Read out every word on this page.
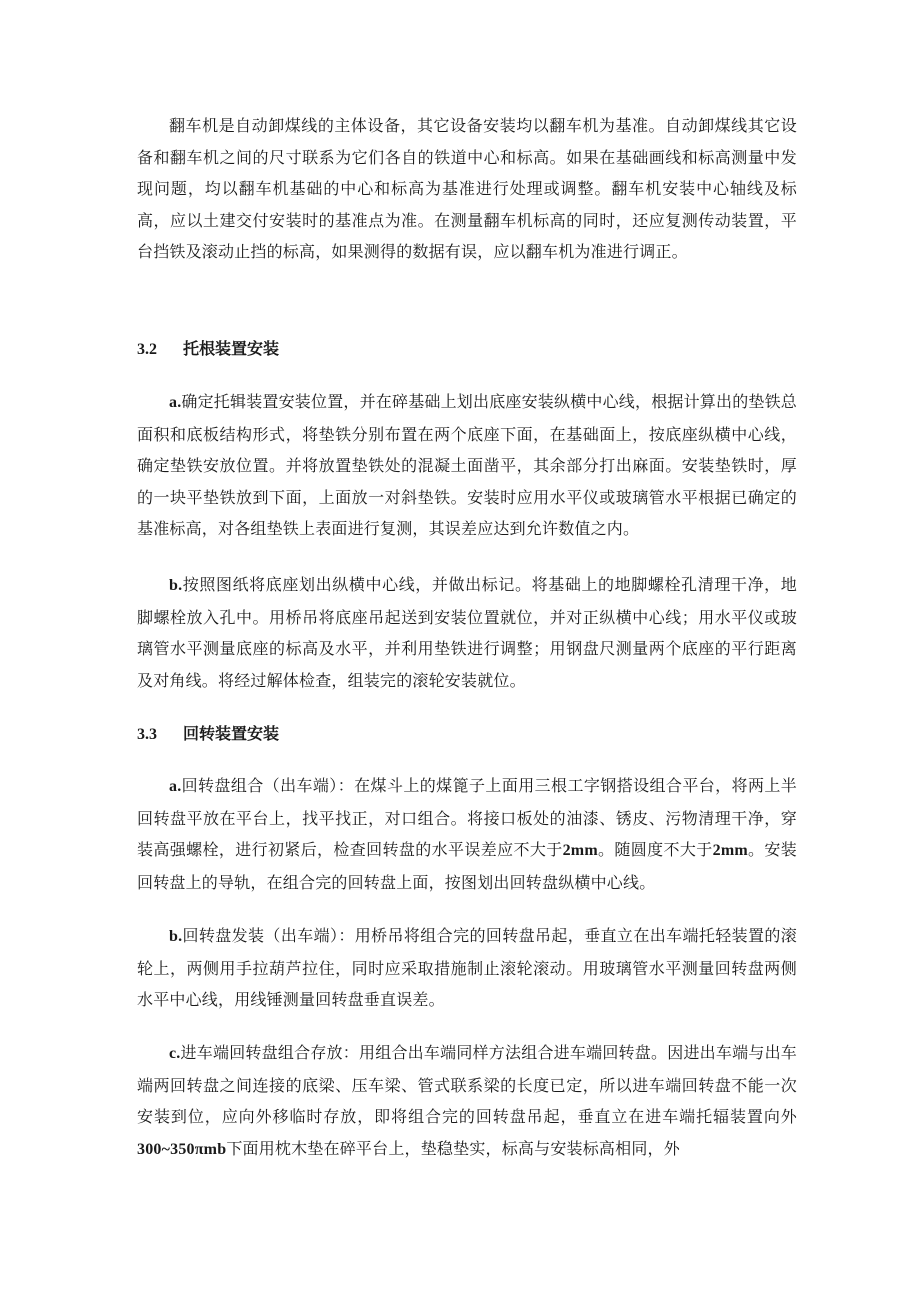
翻车机是自动卸煤线的主体设备，其它设备安装均以翻车机为基准。自动卸煤线其它设备和翻车机之间的尺寸联系为它们各自的铁道中心和标高。如果在基础画线和标高测量中发现问题，均以翻车机基础的中心和标高为基准进行处理或调整。翻车机安装中心轴线及标高，应以土建交付安装时的基准点为准。在测量翻车机标高的同时，还应复测传动装置，平台挡铁及滚动止挡的标高，如果测得的数据有误，应以翻车机为准进行调正。

3.2 托根装置安装

a.确定托辑装置安装位置，并在碎基础上划出底座安装纵横中心线，根据计算出的垫铁总面积和底板结构形式，将垫铁分别布置在两个底座下面，在基础面上，按底座纵横中心线，确定垫铁安放位置。并将放置垫铁处的混凝土面凿平，其余部分打出麻面。安装垫铁时，厚的一块平垫铁放到下面，上面放一对斜垫铁。安装时应用水平仪或玻璃管水平根据已确定的基准标高，对各组垫铁上表面进行复测，其误差应达到允许数值之内。

b.按照图纸将底座划出纵横中心线，并做出标记。将基础上的地脚螺栓孔清理干净，地脚螺栓放入孔中。用桥吊将底座吊起送到安装位置就位，并对正纵横中心线；用水平仪或玻璃管水平测量底座的标高及水平，并利用垫铁进行调整；用钢盘尺测量两个底座的平行距离及对角线。将经过解体检查，组装完的滚轮安装就位。

3.3 回转装置安装

a.回转盘组合（出车端）：在煤斗上的煤篦子上面用三根工字钢搭设组合平台，将两上半回转盘平放在平台上，找平找正，对口组合。将接口板处的油漆、锈皮、污物清理干净，穿装高强螺栓，进行初紧后，检查回转盘的水平误差应不大于2mm。随圆度不大于2mm。安装回转盘上的导轨，在组合完的回转盘上面，按图划出回转盘纵横中心线。

b.回转盘发装（出车端）：用桥吊将组合完的回转盘吊起，垂直立在出车端托轻装置的滚轮上，两侧用手拉葫芦拉住，同时应采取措施制止滚轮滚动。用玻璃管水平测量回转盘两侧水平中心线，用线锤测量回转盘垂直误差。

c.进车端回转盘组合存放：用组合出车端同样方法组合进车端回转盘。因进出车端与出车端两回转盘之间连接的底梁、压车梁、管式联系梁的长度已定，所以进车端回转盘不能一次安装到位，应向外移临时存放，即将组合完的回转盘吊起，垂直立在进车端托辐装置向外300~350πmb下面用枕木垫在碎平台上，垫稳垫实，标高与安装标高相同，外
